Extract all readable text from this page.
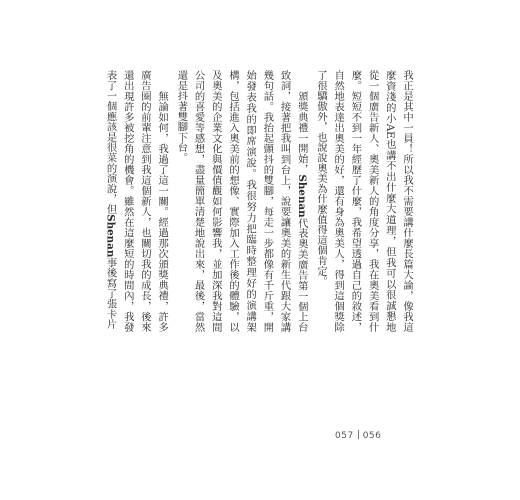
我正是其中一員！所以我不需要講什麼長篇大論，像我這麼資淺的小AE也講不出什麼大道理，但我可以很誠懇地從一個廣告新人、奧美新人的角度分享，我在奧美看到什麼。短短不到一年經歷了什麼，我希望透過自己的敘述，自然地表達出奧美的好，還有身為奧美人，得到這個獎除了很驕傲外，也說說奧美為什麼值得這個肯定。

頒獎典禮一開始，Shenan代表奧美廣告第一個上台致詞，接著把我叫到台上，說要讓奧美的新生代跟大家講幾句話。我抬起顫抖的雙腳，每走一步都像有千斤重，開始發表我的即席演說。我很努力把臨時整理好的演講架構，包括進入奧美前的想像、實際加入工作後的體驗，以及奧美的企業文化與價值觀如何影響我，並加深我對這間公司的喜愛等感想，盡量簡單清楚地說出來，最後，當然還是抖著雙腳下台。

無論如何，我過了這一關。經過那次頒獎典禮，許多廣告圈的前輩注意到我這個新人，也關切我的成長，後來還出現許多被挖角的機會。雖然在這麼短的時間內，我發表了一個應該是很菜的演說，但Shenan事後寫了張卡片

057 056
